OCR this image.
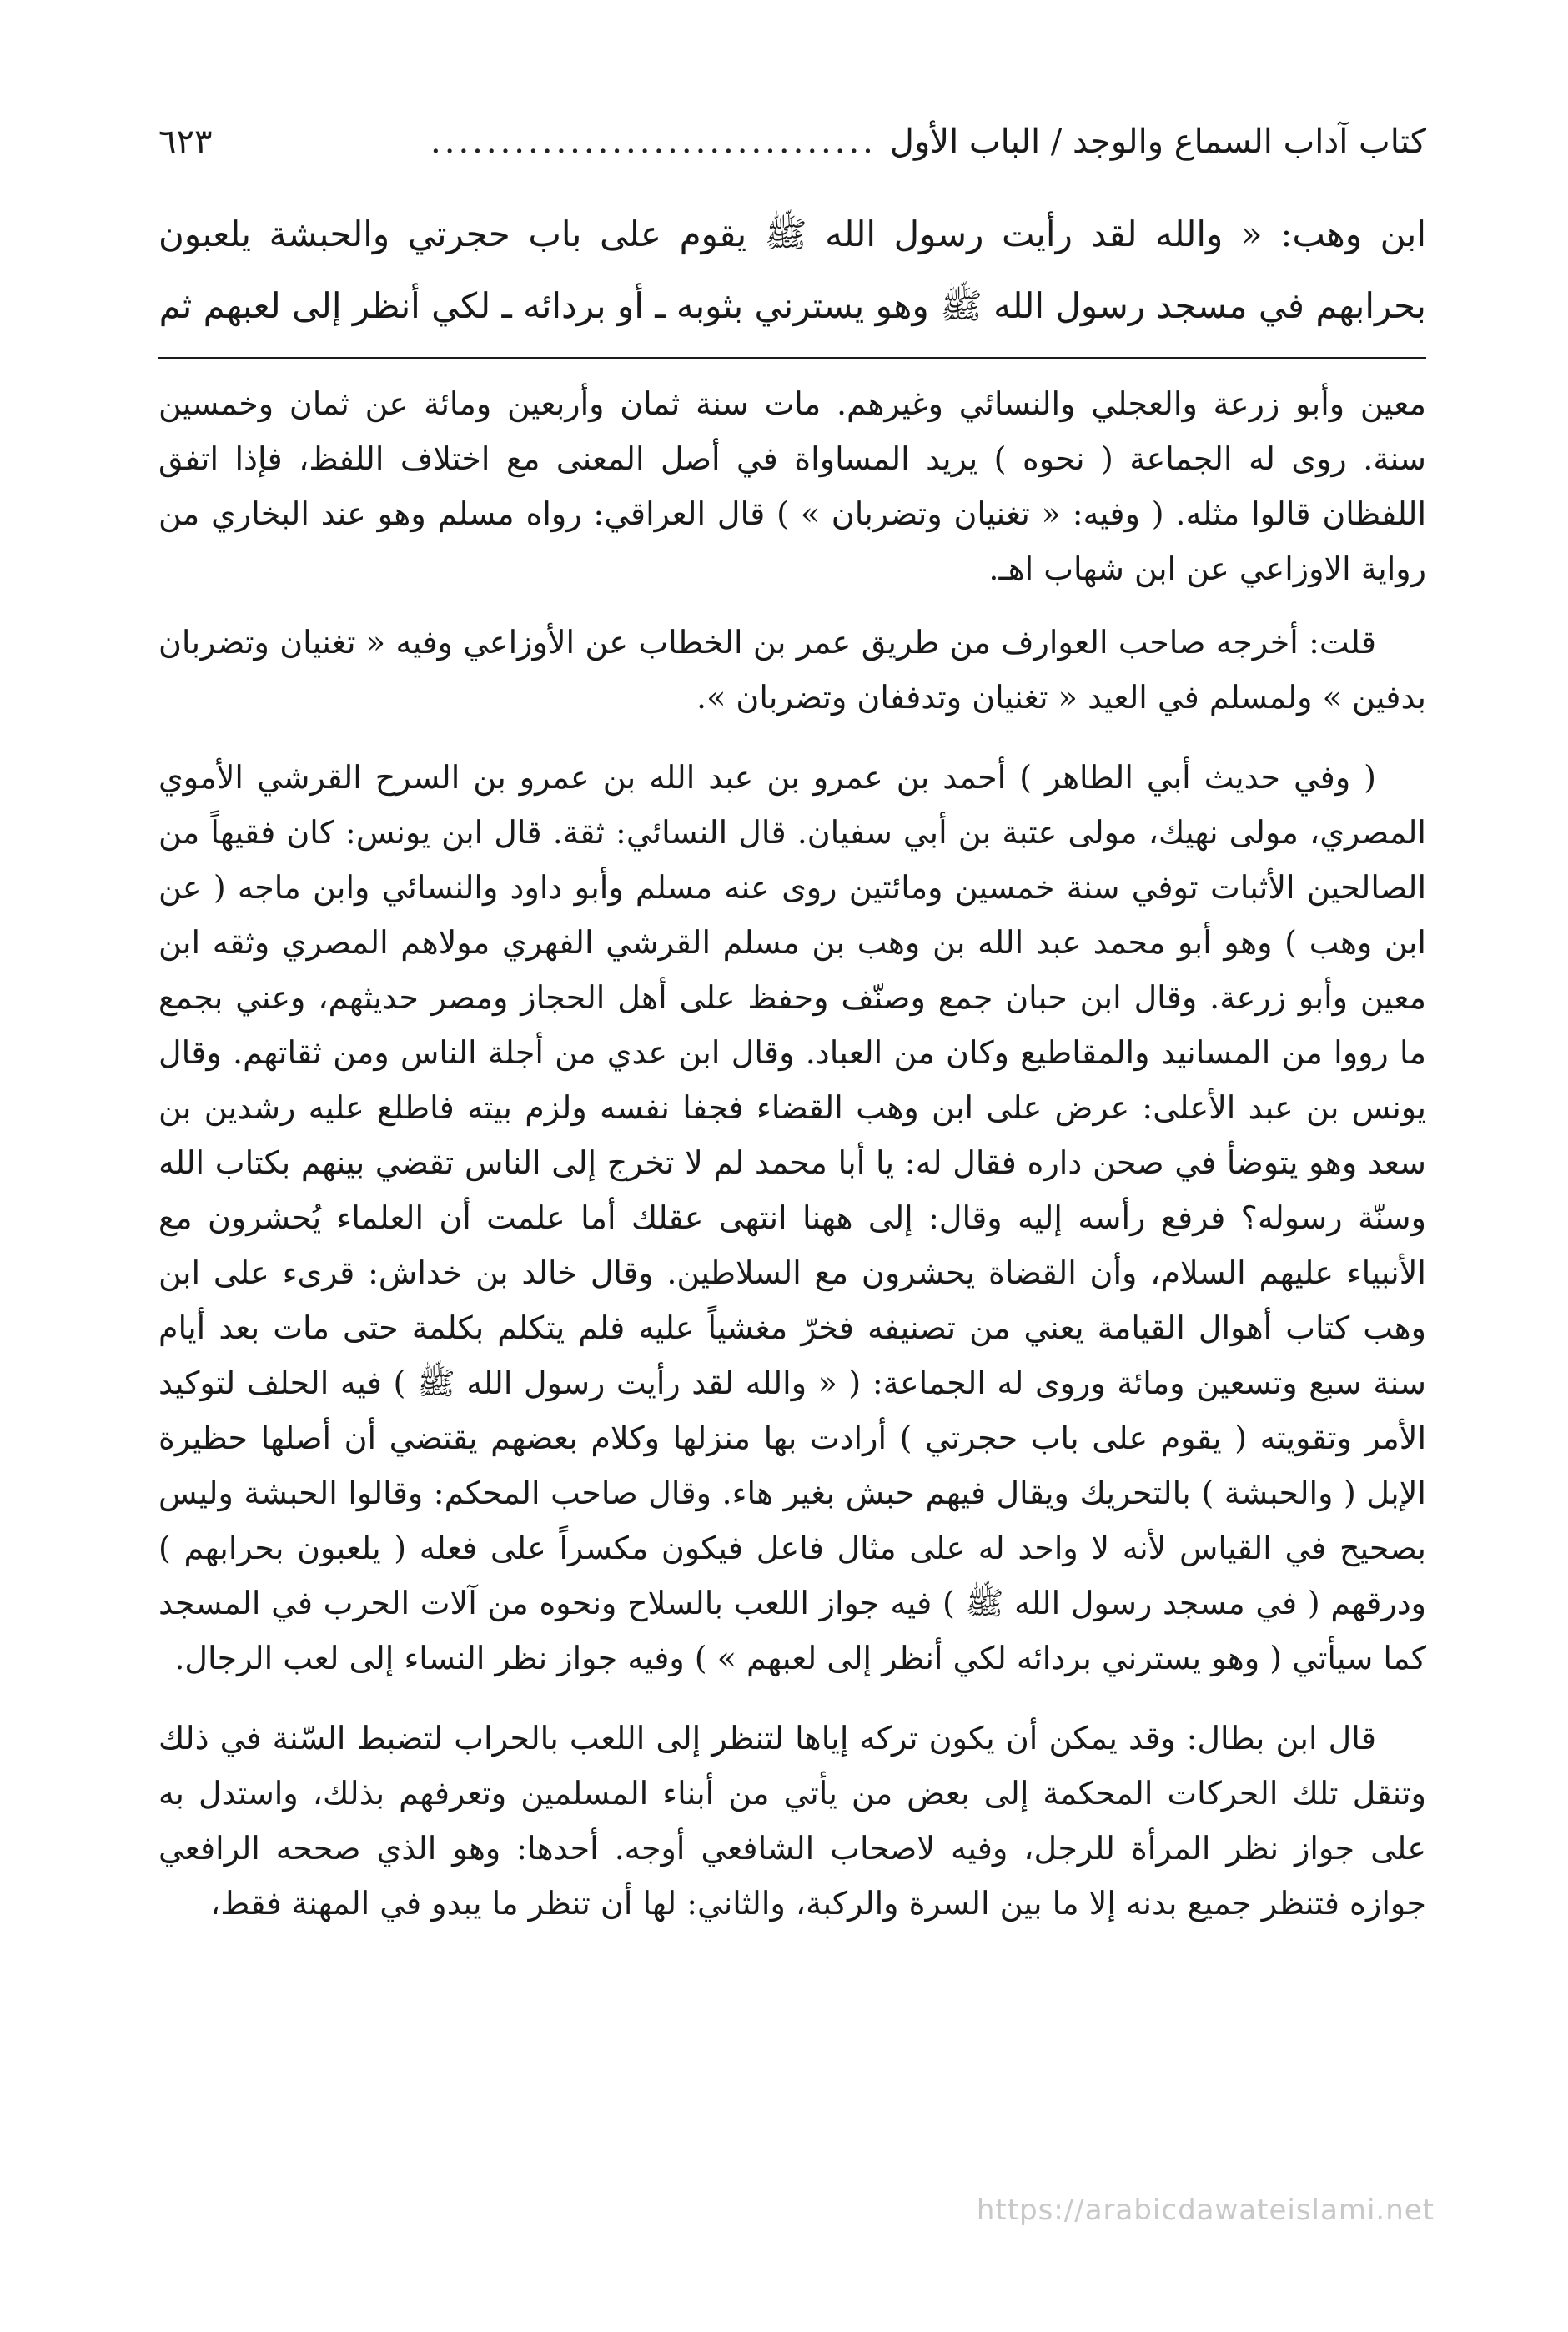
كتاب آداب السماع والوجد / الباب الأول
................................
٦٢٣

ابن وهب: « والله لقد رأيت رسول الله ﷺ يقوم على باب حجرتي والحبشة يلعبون بحرابهم في مسجد رسول الله ﷺ وهو يسترني بثوبه ـ أو بردائه ـ لكي أنظر إلى لعبهم ثم

معين وأبو زرعة والعجلي والنسائي وغيرهم. مات سنة ثمان وأربعين ومائة عن ثمان وخمسين سنة. روى له الجماعة ( نحوه ) يريد المساواة في أصل المعنى مع اختلاف اللفظ، فإذا اتفق اللفظان قالوا مثله. ( وفيه: « تغنيان وتضربان » ) قال العراقي: رواه مسلم وهو عند البخاري من رواية الاوزاعي عن ابن شهاب اهـ.

قلت: أخرجه صاحب العوارف من طريق عمر بن الخطاب عن الأوزاعي وفيه « تغنيان وتضربان بدفين » ولمسلم في العيد « تغنيان وتدففان وتضربان ».

( وفي حديث أبي الطاهر ) أحمد بن عمرو بن عبد الله بن عمرو بن السرح القرشي الأموي المصري، مولى نهيك، مولى عتبة بن أبي سفيان. قال النسائي: ثقة. قال ابن يونس: كان فقيهاً من الصالحين الأثبات توفي سنة خمسين ومائتين روى عنه مسلم وأبو داود والنسائي وابن ماجه ( عن ابن وهب ) وهو أبو محمد عبد الله بن وهب بن مسلم القرشي الفهري مولاهم المصري وثقه ابن معين وأبو زرعة. وقال ابن حبان جمع وصنّف وحفظ على أهل الحجاز ومصر حديثهم، وعني بجمع ما رووا من المسانيد والمقاطيع وكان من العباد. وقال ابن عدي من أجلة الناس ومن ثقاتهم. وقال يونس بن عبد الأعلى: عرض على ابن وهب القضاء فجفا نفسه ولزم بيته فاطلع عليه رشدين بن سعد وهو يتوضأ في صحن داره فقال له: يا أبا محمد لم لا تخرج إلى الناس تقضي بينهم بكتاب الله وسنّة رسوله؟ فرفع رأسه إليه وقال: إلى ههنا انتهى عقلك أما علمت أن العلماء يُحشرون مع الأنبياء عليهم السلام، وأن القضاة يحشرون مع السلاطين. وقال خالد بن خداش: قرىء على ابن وهب كتاب أهوال القيامة يعني من تصنيفه فخرّ مغشياً عليه فلم يتكلم بكلمة حتى مات بعد أيام سنة سبع وتسعين ومائة وروى له الجماعة: ( « والله لقد رأيت رسول الله ﷺ ) فيه الحلف لتوكيد الأمر وتقويته ( يقوم على باب حجرتي ) أرادت بها منزلها وكلام بعضهم يقتضي أن أصلها حظيرة الإبل ( والحبشة ) بالتحريك ويقال فيهم حبش بغير هاء. وقال صاحب المحكم: وقالوا الحبشة وليس بصحيح في القياس لأنه لا واحد له على مثال فاعل فيكون مكسراً على فعله ( يلعبون بحرابهم ) ودرقهم ( في مسجد رسول الله ﷺ ) فيه جواز اللعب بالسلاح ونحوه من آلات الحرب في المسجد كما سيأتي ( وهو يسترني بردائه لكي أنظر إلى لعبهم » ) وفيه جواز نظر النساء إلى لعب الرجال.

قال ابن بطال: وقد يمكن أن يكون تركه إياها لتنظر إلى اللعب بالحراب لتضبط السّنة في ذلك وتنقل تلك الحركات المحكمة إلى بعض من يأتي من أبناء المسلمين وتعرفهم بذلك، واستدل به على جواز نظر المرأة للرجل، وفيه لاصحاب الشافعي أوجه. أحدها: وهو الذي صححه الرافعي جوازه فتنظر جميع بدنه إلا ما بين السرة والركبة، والثاني: لها أن تنظر ما يبدو في المهنة فقط،

https://arabicdawateislami.net
